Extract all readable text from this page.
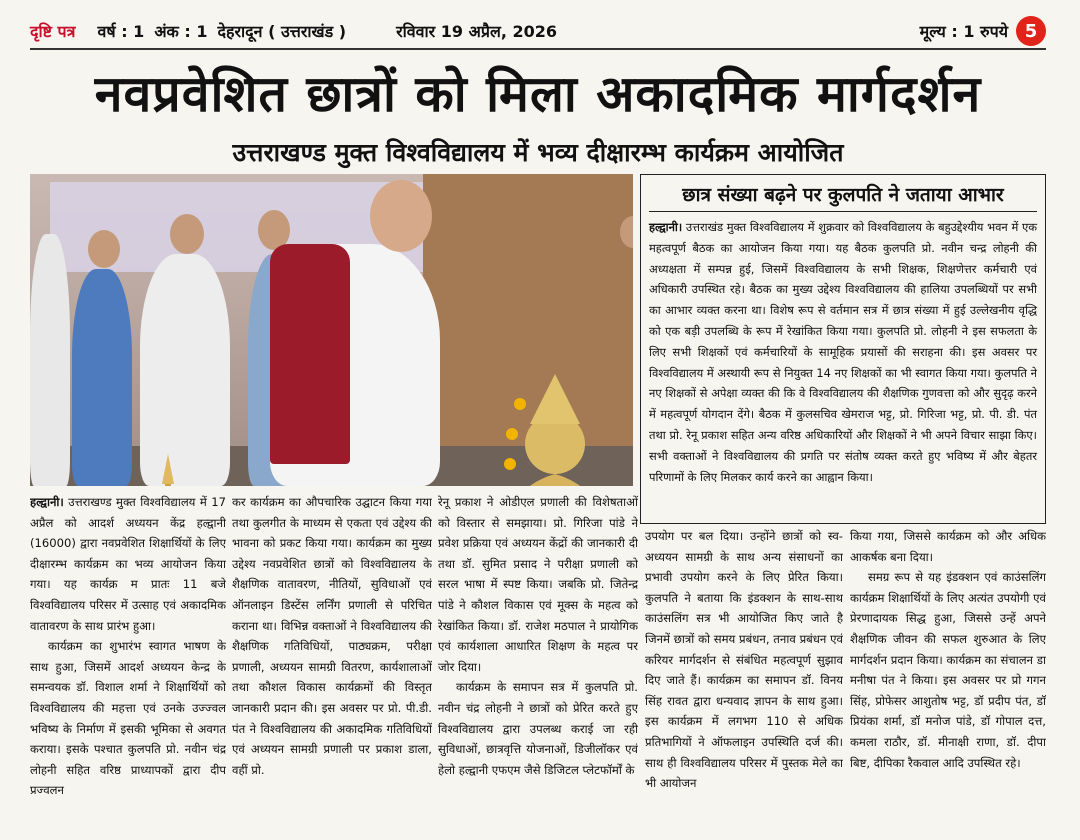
दृष्टि पत्र वर्ष : 1 अंक : 1 देहरादून ( उत्तराखंड )	रविवार 19 अप्रैल, 2026	मूल्य : 1 रुपये 5
नवप्रवेशित छात्रों को मिला अकादमिक मार्गदर्शन
उत्तराखण्ड मुक्त विश्वविद्यालय में भव्य दीक्षारम्भ कार्यक्रम आयोजित
छात्र संख्या बढ़ने पर कुलपति ने जताया आभार
हल्द्वानी। उत्तराखंड मुक्त विश्वविद्यालय में शुक्रवार को विश्वविद्यालय के बहुउद्देश्यीय भवन में एक महत्वपूर्ण बैठक का आयोजन किया गया। यह बैठक कुलपति प्रो. नवीन चन्द्र लोहनी की अध्यक्षता में सम्पन्न हुई, जिसमें विश्वविद्यालय के सभी शिक्षक, शिक्षणेत्तर कर्मचारी एवं अधिकारी उपस्थित रहे। बैठक का मुख्य उद्देश्य विश्वविद्यालय की हालिया उपलब्धियों पर सभी का आभार व्यक्त करना था। विशेष रूप से वर्तमान सत्र में छात्र संख्या में हुई उल्लेखनीय वृद्धि को एक बड़ी उपलब्धि के रूप में रेखांकित किया गया। कुलपति प्रो. लोहनी ने इस सफलता के लिए सभी शिक्षकों एवं कर्मचारियों के सामूहिक प्रयासों की सराहना की। इस अवसर पर विश्वविद्यालय में अस्थायी रूप से नियुक्त 14 नए शिक्षकों का भी स्वागत किया गया। कुलपति ने नए शिक्षकों से अपेक्षा व्यक्त की कि वे विश्वविद्यालय की शैक्षणिक गुणवत्ता को और सुदृढ़ करने में महत्वपूर्ण योगदान देंगे। बैठक में कुलसचिव खेमराज भट्ट, प्रो. गिरिजा भट्ट, प्रो. पी. डी. पंत तथा प्रो. रेनू प्रकाश सहित अन्य वरिष्ठ अधिकारियों और शिक्षकों ने भी अपने विचार साझा किए। सभी वक्ताओं ने विश्वविद्यालय की प्रगति पर संतोष व्यक्त करते हुए भविष्य में और बेहतर परिणामों के लिए मिलकर कार्य करने का आह्वान किया।

हल्द्वानी। उत्तराखण्ड मुक्त विश्वविद्यालय में 17 अप्रैल को आदर्श अध्ययन केंद्र हल्द्वानी (16000) द्वारा नवप्रवेशित शिक्षार्थियों के लिए दीक्षारम्भ कार्यक्रम का भव्य आयोजन किया गया। यह कार्यक्र म प्रातः 11 बजे विश्वविद्यालय परिसर में उत्साह एवं अकादमिक वातावरण के साथ प्रारंभ हुआ।

कार्यक्रम का शुभारंभ स्वागत भाषण के साथ हुआ, जिसमें आदर्श अध्ययन केन्द्र के समन्वयक डॉ. विशाल शर्मा ने शिक्षार्थियों को विश्वविद्यालय की महत्ता एवं उनके उज्ज्वल भविष्य के निर्माण में इसकी भूमिका से अवगत कराया। इसके पश्चात कुलपति प्रो. नवीन चंद्र लोहनी सहित वरिष्ठ प्राध्यापकों द्वारा दीप प्रज्वलन

कर कार्यक्रम का औपचारिक उद्घाटन किया गया तथा कुलगीत के माध्यम से एकता एवं उद्देश्य की भावना को प्रकट किया गया। कार्यक्रम का मुख्य उद्देश्य नवप्रवेशित छात्रों को विश्वविद्यालय के शैक्षणिक वातावरण, नीतियों, सुविधाओं एवं ऑनलाइन डिस्टेंस लर्निंग प्रणाली से परिचित कराना था। विभिन्न वक्ताओं ने विश्वविद्यालय की शैक्षणिक गतिविधियों, पाठ्यक्रम, परीक्षा प्रणाली, अध्ययन सामग्री वितरण, कार्यशालाओं तथा कौशल विकास कार्यक्रमों की विस्तृत जानकारी प्रदान की। इस अवसर पर प्रो. पी.डी. पंत ने विश्वविद्यालय की अकादमिक गतिविधियों एवं अध्ययन सामग्री प्रणाली पर प्रकाश डाला, वहीं प्रो.

रेनू प्रकाश ने ओडीएल प्रणाली की विशेषताओं को विस्तार से समझाया। प्रो. गिरिजा पांडे ने प्रवेश प्रक्रिया एवं अध्ययन केंद्रों की जानकारी दी तथा डॉ. सुमित प्रसाद ने परीक्षा प्रणाली को सरल भाषा में स्पष्ट किया। जबकि प्रो. जितेन्द्र पांडे ने कौशल विकास एवं मूक्स के महत्व को रेखांकित किया। डॉ. राजेश मठपाल ने प्रायोगिक एवं कार्यशाला आधारित शिक्षण के महत्व पर जोर दिया।

कार्यक्रम के समापन सत्र में कुलपति प्रो. नवीन चंद्र लोहनी ने छात्रों को प्रेरित करते हुए विश्वविद्यालय द्वारा उपलब्ध कराई जा रही सुविधाओं, छात्रवृत्ति योजनाओं, डिजीलॉकर एवं हेलो हल्द्वानी एफएम जैसे डिजिटल प्लेटफॉर्मों के

उपयोग पर बल दिया। उन्होंने छात्रों को स्व-अध्ययन सामग्री के साथ अन्य संसाधनों का प्रभावी उपयोग करने के लिए प्रेरित किया। कुलपति ने बताया कि इंडक्शन के साथ-साथ काउंसलिंग सत्र भी आयोजित किए जाते है जिनमें छात्रों को समय प्रबंधन, तनाव प्रबंधन एवं करियर मार्गदर्शन से संबंधित महत्वपूर्ण सुझाव दिए जाते हैं। कार्यक्रम का समापन डॉ. विनय सिंह रावत द्वारा धन्यवाद ज्ञापन के साथ हुआ। इस कार्यक्रम में लगभग 110 से अधिक प्रतिभागियों ने ऑफलाइन उपस्थिति दर्ज की। साथ ही विश्वविद्यालय परिसर में पुस्तक मेले का भी आयोजन

किया गया, जिससे कार्यक्रम को और अधिक आकर्षक बना दिया।

समग्र रूप से यह इंडक्शन एवं काउंसलिंग कार्यक्रम शिक्षार्थियों के लिए अत्यंत उपयोगी एवं प्रेरणादायक सिद्ध हुआ, जिससे उन्हें अपने शैक्षणिक जीवन की सफल शुरुआत के लिए मार्गदर्शन प्रदान किया। कार्यक्रम का संचालन डा मनीषा पंत ने किया। इस अवसर पर प्रो गगन सिंह, प्रोफेसर आशुतोष भट्ट, डॉ प्रदीप पंत, डॉ प्रियंका शर्मा, डॉ मनोज पांडे, डॉ गोपाल दत्त, कमला राठौर, डॉ. मीनाक्षी राणा, डॉ. दीपा बिष्ट, दीपिका रैकवाल आदि उपस्थित रहे।
